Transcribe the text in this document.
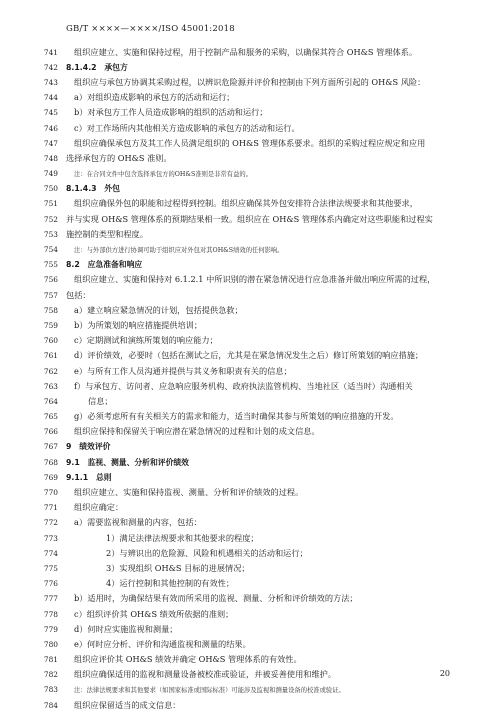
GB/T ××××—××××/ISO 45001:2018
741	组织应建立、实施和保持过程，用于控制产品和服务的采购，以确保其符合 OH&S 管理体系。
742	8.1.4.2　承包方
743	组织应与承包方协调其采购过程，以辨识危险源并评价和控制由下列方面所引起的 OH&S 风险：
744	a）对组织造成影响的承包方的活动和运行；
745	b）对承包方工作人员造成影响的组织的活动和运行；
746	c）对工作场所内其他相关方造成影响的承包方的活动和运行。
747	组织应确保承包方及其工作人员满足组织的 OH&S 管理体系要求。组织的采购过程应规定和应用
748 选择承包方的 OH&S 准则。
749	注：在合同文件中包含选择承包方的OH&S准则是非常有益的。
750	8.1.4.3　外包
751	组织应确保外包的职能和过程得到控制。组织应确保其外包安排符合法律法规要求和其他要求，
752 并与实现 OH&S 管理体系的预期结果相一致。组织应在 OH&S 管理体系内确定对这些职能和过程实
753 施控制的类型和程度。
754	注：与外部供方进行协调可助于组织应对外包对其OH&S绩效的任何影响。
755	8.2　应急准备和响应
756	组织应建立、实施和保持对 6.1.2.1 中所识别的潜在紧急情况进行应急准备并做出响应所需的过程，
757 包括：
758	a）建立响应紧急情况的计划，包括提供急救；
759	b）为所策划的响应措施提供培训；
760	c）定期测试和演练所策划的响应能力；
761	d）评价绩效，必要时（包括在测试之后，尤其是在紧急情况发生之后）修订所策划的响应措施；
762	e）与所有工作人员沟通并提供与其义务和职责有关的信息；
763	f）与承包方、访问者、应急响应服务机构、政府执法监管机构、当地社区（适当时）沟通相关
764	信息；
765	g）必须考虑所有有关相关方的需求和能力，适当时确保其参与所策划的响应措施的开发。
766	组织应保持和保留关于响应潜在紧急情况的过程和计划的成文信息。
767	9　绩效评价
768	9.1　监视、测量、分析和评价绩效
769	9.1.1　总则
770	组织应建立、实施和保持监视、测量、分析和评价绩效的过程。
771	组织应确定：
772	a）需要监视和测量的内容，包括：
773	1）满足法律法规要求和其他要求的程度；
774	2）与辨识出的危险源、风险和机遇相关的活动和运行；
775	3）实现组织 OH&S 目标的进展情况；
776	4）运行控制和其他控制的有效性；
777	b）适用时，为确保结果有效而所采用的监视、测量、分析和评价绩效的方法；
778	c）组织评价其 OH&S 绩效所依据的准则；
779	d）何时应实施监视和测量；
780	e）何时应分析、评价和沟通监视和测量的结果。
781	组织应评价其 OH&S 绩效并确定 OH&S 管理体系的有效性。
782	组织应确保适用的监视和测量设备被校准或验证，并被妥善使用和维护。
783	注：法律法规要求和其他要求（如国家标准或国际标准）可能涉及监视和测量设备的校准或验证。
784	组织应保留适当的成文信息：
20
